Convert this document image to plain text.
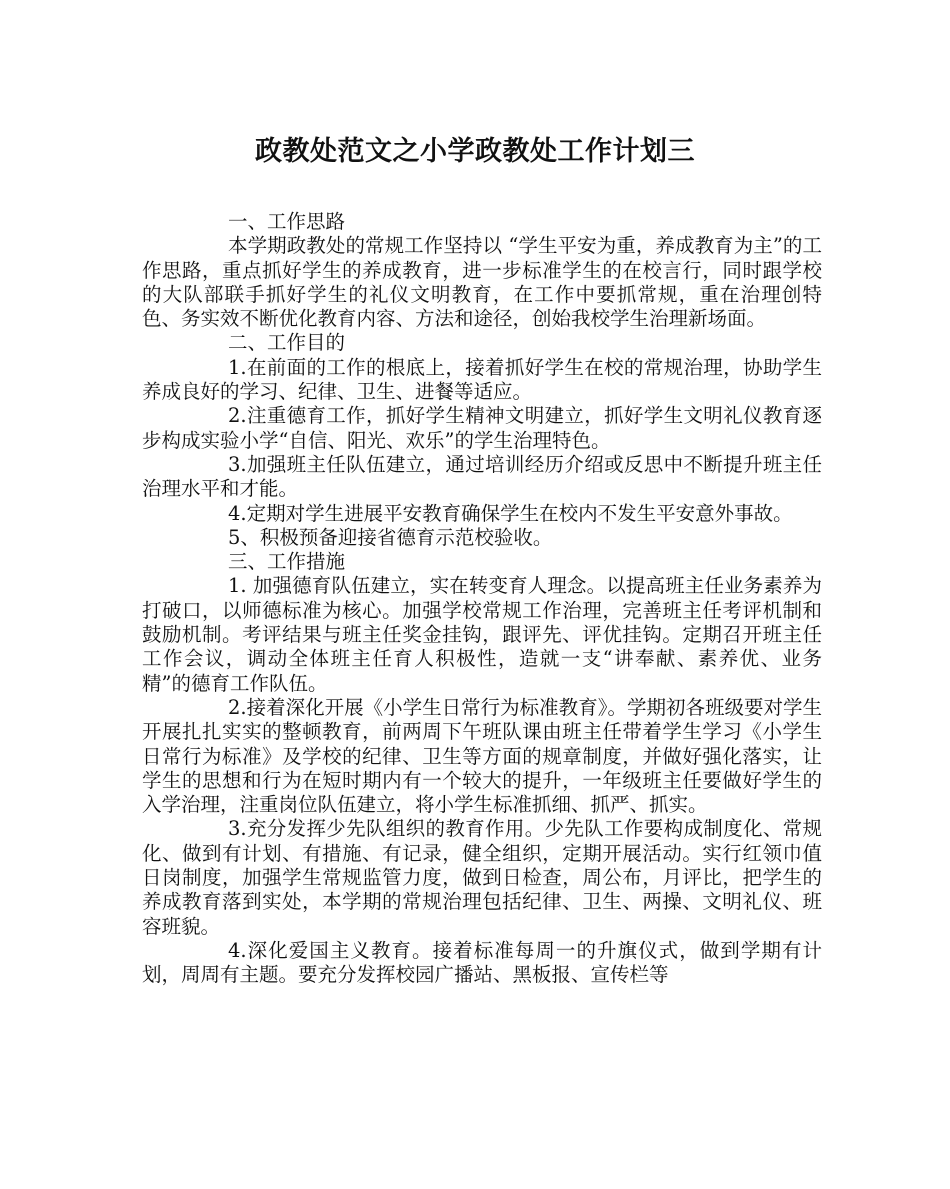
政教处范文之小学政教处工作计划三

一、工作思路

本学期政教处的常规工作坚持以 “学生平安为重，养成教育为主”的工作思路，重点抓好学生的养成教育，进一步标准学生的在校言行，同时跟学校的大队部联手抓好学生的礼仪文明教育，在工作中要抓常规，重在治理创特色、务实效不断优化教育内容、方法和途径，创始我校学生治理新场面。

二、工作目的

1.在前面的工作的根底上，接着抓好学生在校的常规治理，协助学生养成良好的学习、纪律、卫生、进餐等适应。

2.注重德育工作，抓好学生精神文明建立，抓好学生文明礼仪教育逐步构成实验小学“自信、阳光、欢乐”的学生治理特色。

3.加强班主任队伍建立，通过培训经历介绍或反思中不断提升班主任治理水平和才能。

4.定期对学生进展平安教育确保学生在校内不发生平安意外事故。

5、积极预备迎接省德育示范校验收。

三、工作措施

1. 加强德育队伍建立，实在转变育人理念。以提高班主任业务素养为打破口，以师德标准为核心。加强学校常规工作治理，完善班主任考评机制和鼓励机制。考评结果与班主任奖金挂钩，跟评先、评优挂钩。定期召开班主任工作会议，调动全体班主任育人积极性，造就一支“讲奉献、素养优、业务精”的德育工作队伍。

2.接着深化开展《小学生日常行为标准教育》。学期初各班级要对学生开展扎扎实实的整顿教育，前两周下午班队课由班主任带着学生学习《小学生日常行为标准》及学校的纪律、卫生等方面的规章制度，并做好强化落实，让学生的思想和行为在短时期内有一个较大的提升，一年级班主任要做好学生的入学治理，注重岗位队伍建立，将小学生标准抓细、抓严、抓实。

3.充分发挥少先队组织的教育作用。少先队工作要构成制度化、常规化、做到有计划、有措施、有记录，健全组织，定期开展活动。实行红领巾值日岗制度，加强学生常规监管力度，做到日检查，周公布，月评比，把学生的养成教育落到实处，本学期的常规治理包括纪律、卫生、两操、文明礼仪、班容班貌。

4.深化爱国主义教育。接着标准每周一的升旗仪式，做到学期有计划，周周有主题。要充分发挥校园广播站、黑板报、宣传栏等
